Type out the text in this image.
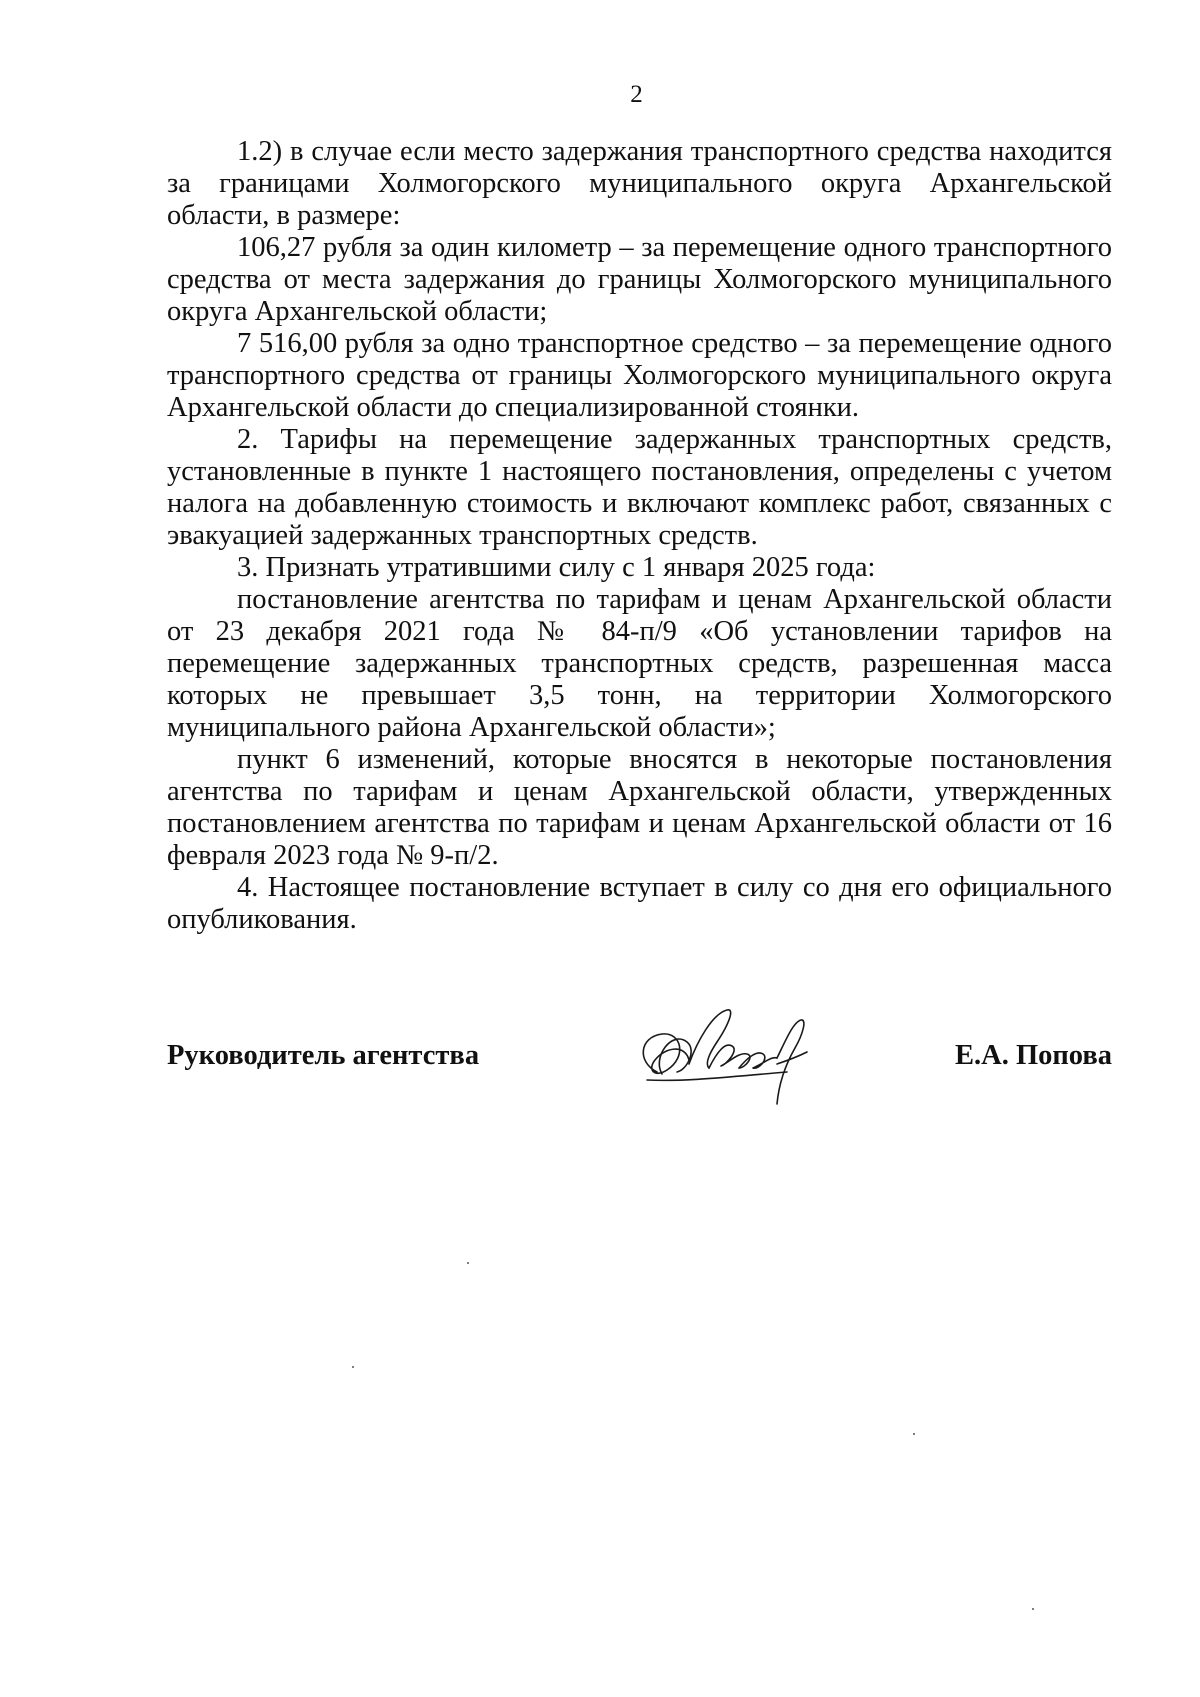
2

1.2) в случае если место задержания транспортного средства находится за границами Холмогорского муниципального округа Архангельской области, в размере:

106,27 рубля за один километр – за перемещение одного транспортного средства от места задержания до границы Холмогорского муниципального округа Архангельской области;

7 516,00 рубля за одно транспортное средство – за перемещение одного транспортного средства от границы Холмогорского муниципального округа Архангельской области до специализированной стоянки.

2. Тарифы на перемещение задержанных транспортных средств, установленные в пункте 1 настоящего постановления, определены с учетом налога на добавленную стоимость и включают комплекс работ, связанных с эвакуацией задержанных транспортных средств.

3. Признать утратившими силу с 1 января 2025 года:

постановление агентства по тарифам и ценам Архангельской области от 23 декабря 2021 года № 84-п/9 «Об установлении тарифов на перемещение задержанных транспортных средств, разрешенная масса которых не превышает 3,5 тонн, на территории Холмогорского муниципального района Архангельской области»;

пункт 6 изменений, которые вносятся в некоторые постановления агентства по тарифам и ценам Архангельской области, утвержденных постановлением агентства по тарифам и ценам Архангельской области от 16 февраля 2023 года № 9-п/2.

4. Настоящее постановление вступает в силу со дня его официального опубликования.

Руководитель агентства	Е.А. Попова
